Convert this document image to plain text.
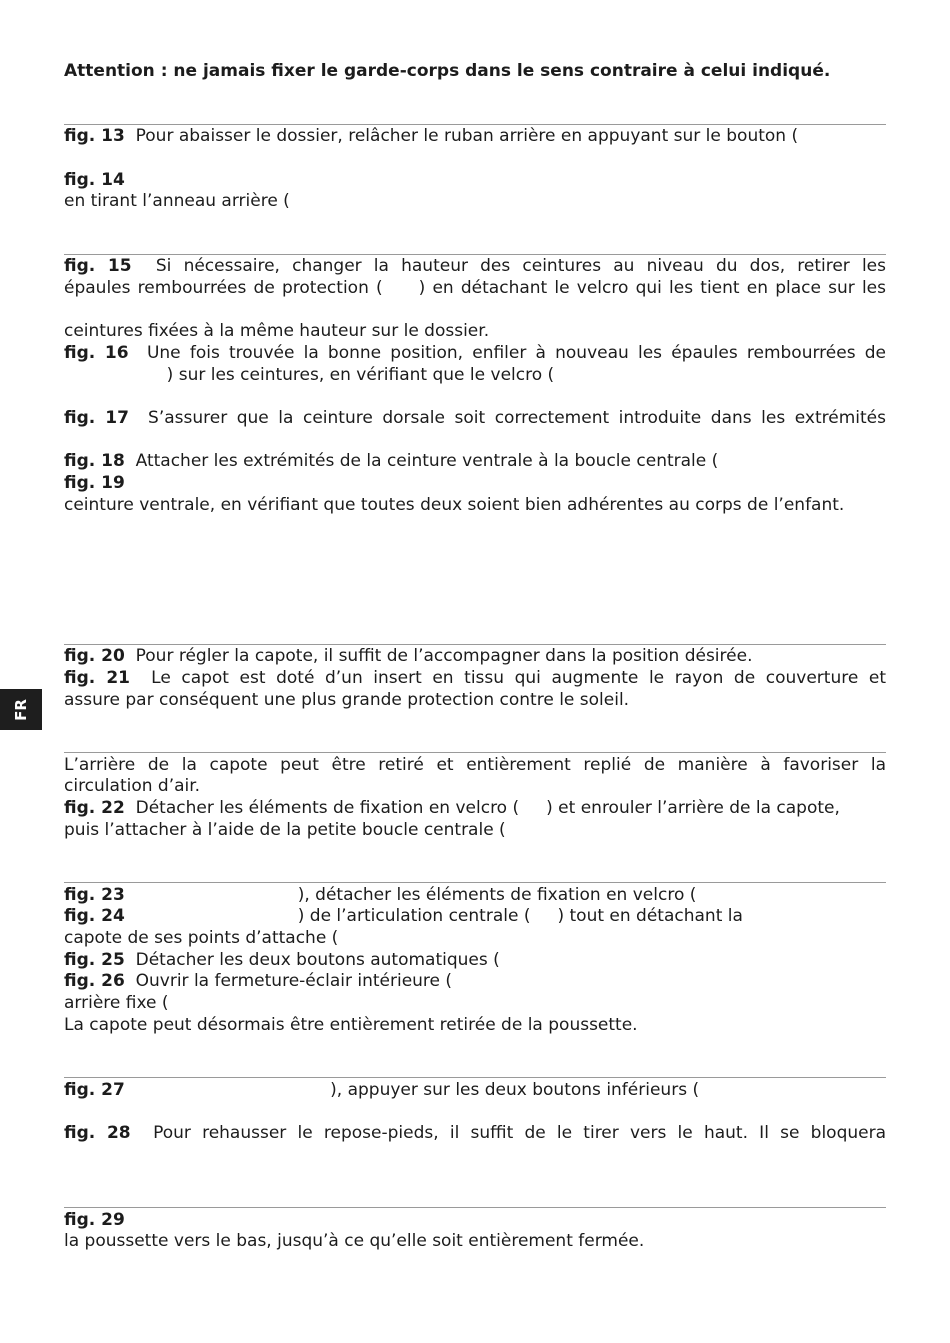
Attention : ne jamais fixer le garde-corps dans le sens contraire à celui indiqué.
FR
fig. 13 Pour abaisser le dossier, relâcher le ruban arrière en appuyant sur le bouton (
fig. 14
en tirant l’anneau arrière (
fig. 15 Si nécessaire, changer la hauteur des ceintures au niveau du dos, retirer les
épaules rembourrées de protection (     ) en détachant le velcro qui les tient en place sur les
ceintures fixées à la même hauteur sur le dossier.
fig. 16 Une fois trouvée la bonne position, enfiler à nouveau les épaules rembourrées de
) sur les ceintures, en vérifiant que le velcro (
fig. 17 S’assurer que la ceinture dorsale soit correctement introduite dans les extrémités
fig. 18 Attacher les extrémités de la ceinture ventrale à la boucle centrale (
fig. 19
ceinture ventrale, en vérifiant que toutes deux soient bien adhérentes au corps de l’enfant.
fig. 20 Pour régler la capote, il suffit de l’accompagner dans la position désirée.
fig. 21 Le capot est doté d’un insert en tissu qui augmente le rayon de couverture et
assure par conséquent une plus grande protection contre le soleil.
L’arrière de la capote peut être retiré et entièrement replié de manière à favoriser la
circulation d’air.
fig. 22 Détacher les éléments de fixation en velcro (     ) et enrouler l’arrière de la capote,
puis l’attacher à l’aide de la petite boucle centrale (
fig. 23                                ), détacher les éléments de fixation en velcro (
fig. 24                                ) de l’articulation centrale (     ) tout en détachant la
capote de ses points d’attache (
fig. 25 Détacher les deux boutons automatiques (
fig. 26 Ouvrir la fermeture-éclair intérieure (
arrière fixe (
La capote peut désormais être entièrement retirée de la poussette.
fig. 27                                      ), appuyer sur les deux boutons inférieurs (
fig. 28 Pour rehausser le repose-pieds, il suffit de le tirer vers le haut. Il se bloquera
fig. 29
la poussette vers le bas, jusqu’à ce qu’elle soit entièrement fermée.
